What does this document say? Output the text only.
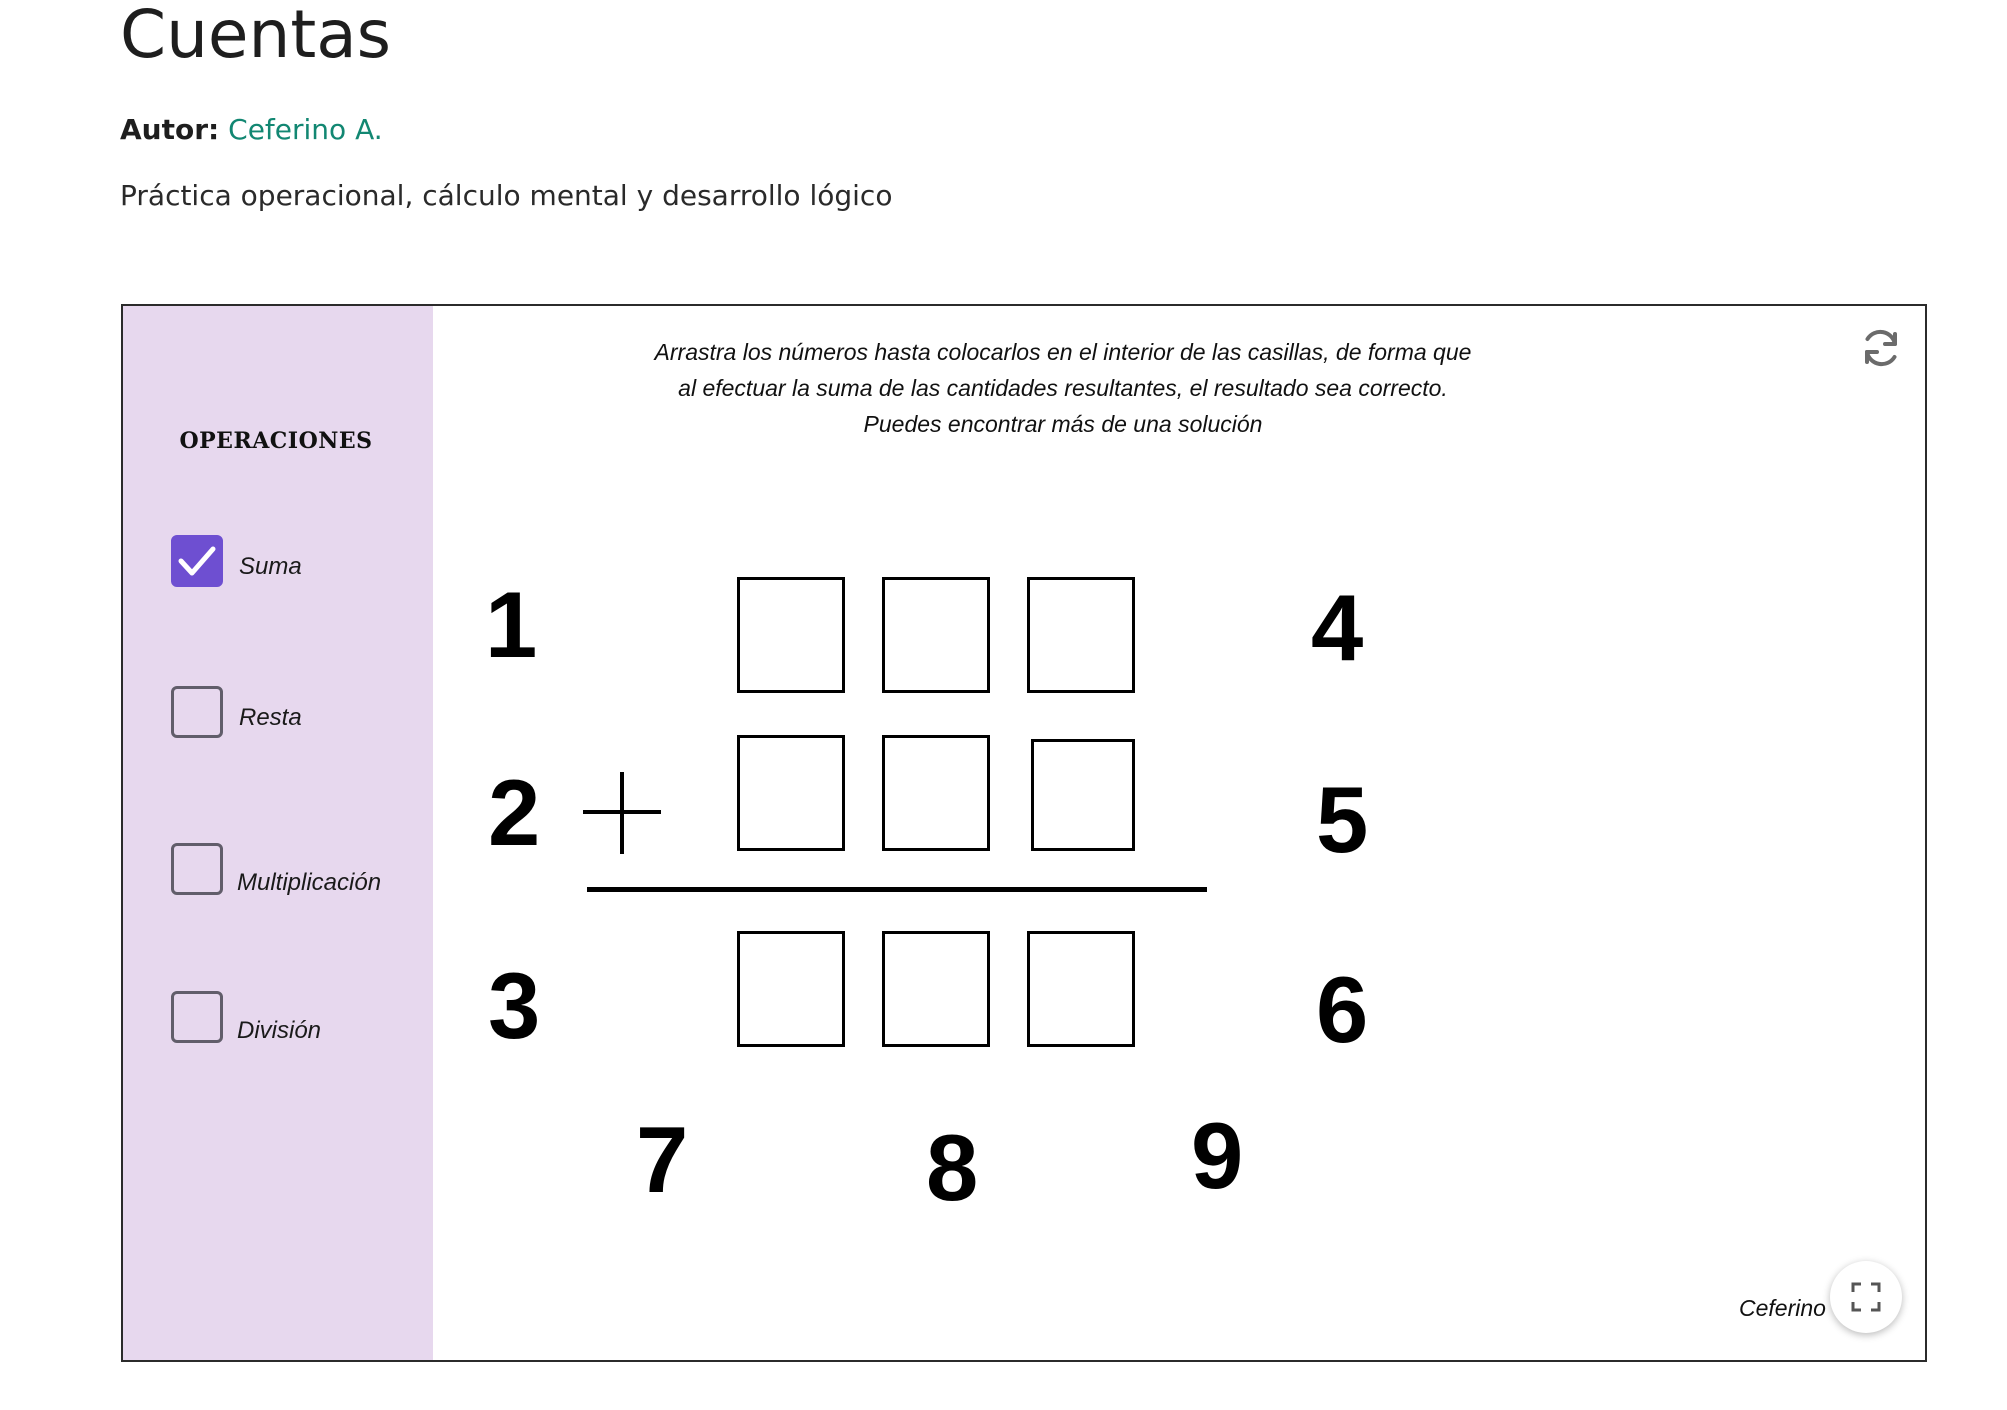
Cuentas
Autor: Ceferino A.
Práctica operacional, cálculo mental y desarrollo lógico
OPERACIONES
Suma
Resta
Multiplicación
División
Arrastra los números hasta colocarlos en el interior de las casillas, de forma que
al efectuar la suma de las cantidades resultantes, el resultado sea correcto.
Puedes encontrar más de una solución
1
2
3
4
5
6
7	8 9
Ceferino
